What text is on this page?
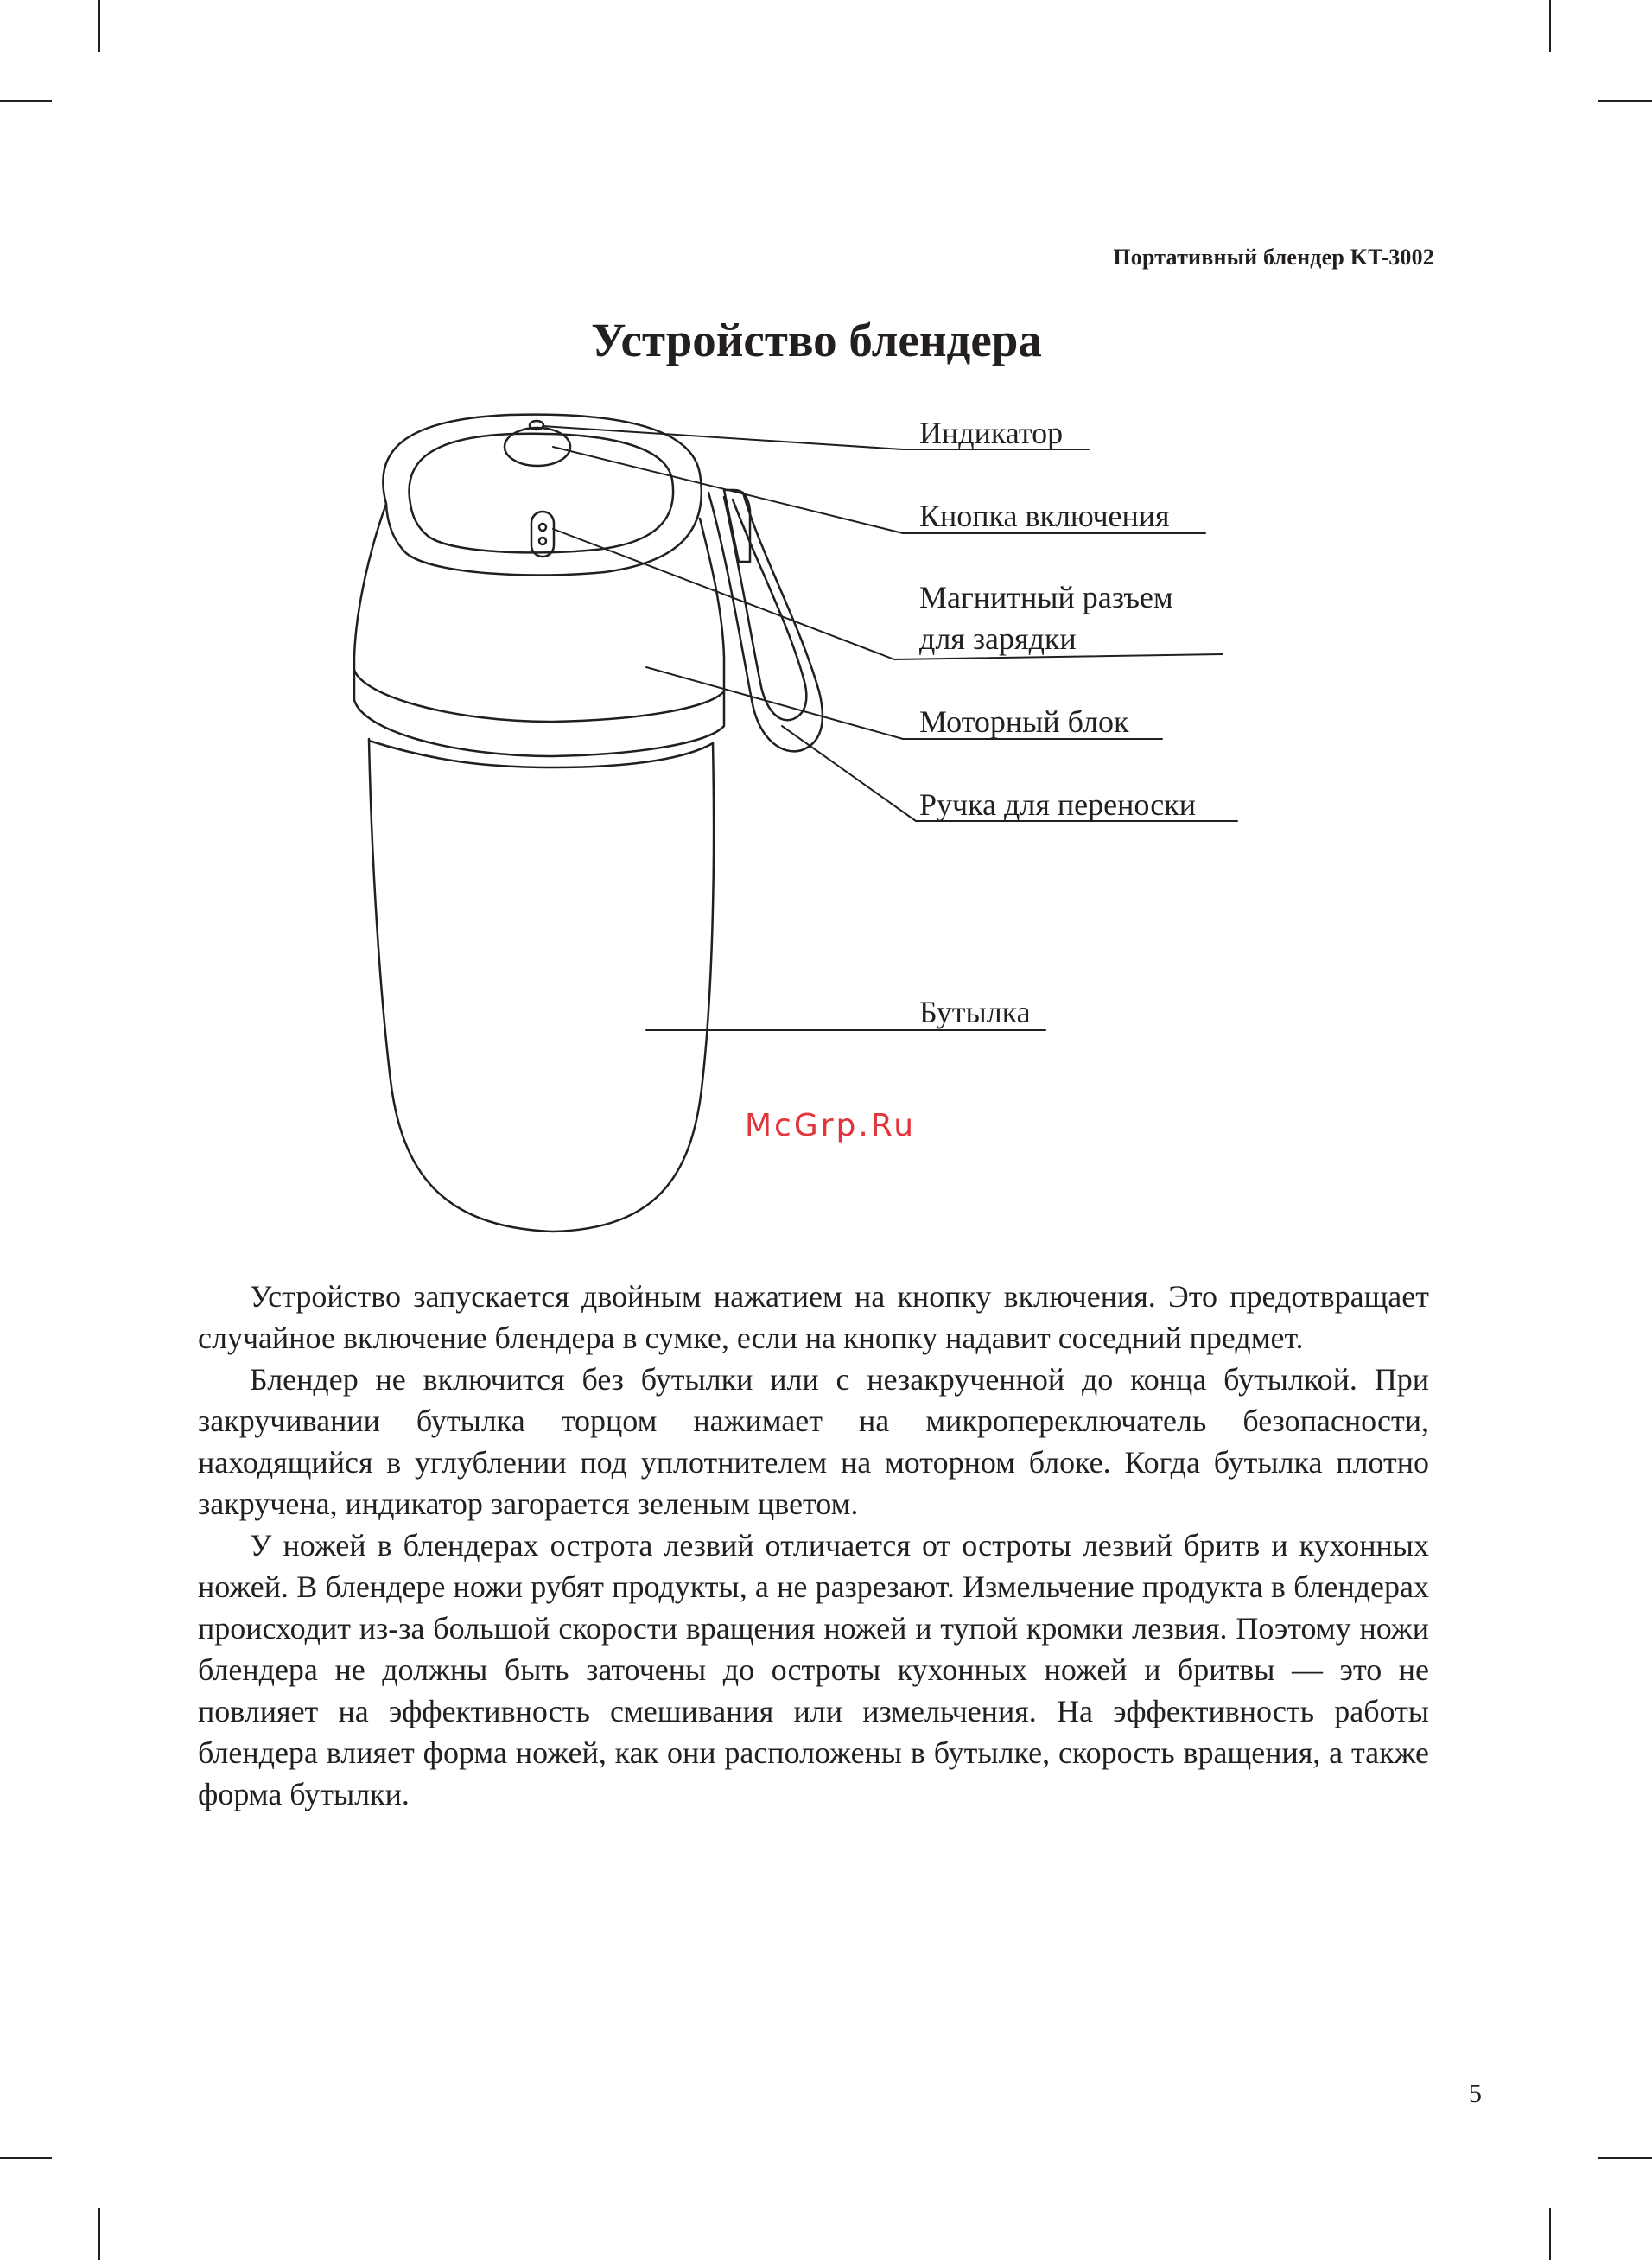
Портативный блендер KT-3002
Устройство блендера
Индикатор
Кнопка включения
Магнитный разъем
для зарядки
Моторный блок
Ручка для переноски
Бутылка
McGrp.Ru

Устройство запускается двойным нажатием на кнопку включения. Это предотвращает случайное включение блендера в сумке, если на кнопку надавит соседний предмет.

Блендер не включится без бутылки или с незакрученной до конца бутылкой. При закручивании бутылка торцом нажимает на микропереключатель безопасности, находящийся в углублении под уплотнителем на моторном блоке. Когда бутылка плотно закручена, индикатор загорается зеленым цветом.

У ножей в блендерах острота лезвий отличается от остроты лезвий бритв и кухонных ножей. В блендере ножи рубят продукты, а не разрезают. Измельчение продукта в блендерах происходит из-за большой скорости вращения ножей и тупой кромки лезвия. Поэтому ножи блендера не должны быть заточены до остроты кухонных ножей и бритвы — это не повлияет на эффективность смешивания или измельчения. На эффективность работы блендера влияет форма ножей, как они расположены в бутылке, скорость вращения, а также форма бутылки.

5
